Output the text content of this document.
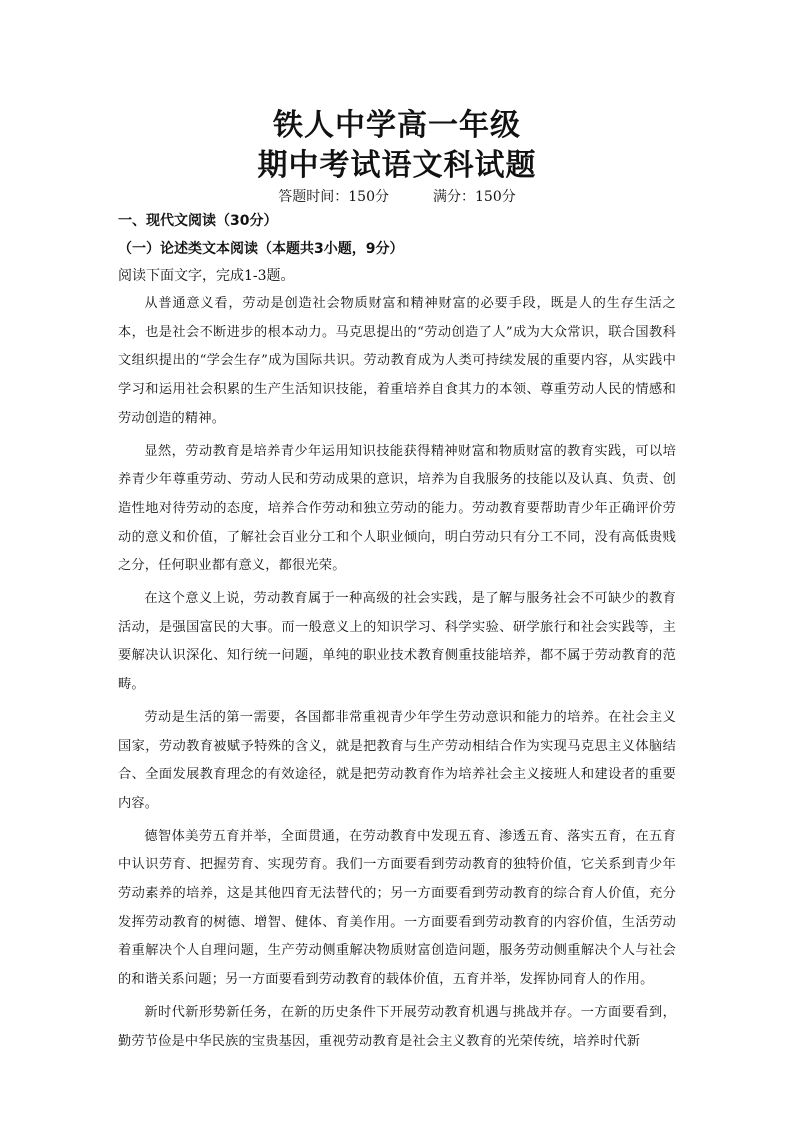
铁人中学高一年级
期中考试语文科试题
答题时间：150分	满分：150分
一、现代文阅读（30分）
（一）论述类文本阅读（本题共3小题，9分）
阅读下面文字，完成1-3题。

从普通意义看，劳动是创造社会物质财富和精神财富的必要手段，既是人的生存生活之本，也是社会不断进步的根本动力。马克思提出的“劳动创造了人”成为大众常识，联合国教科文组织提出的“学会生存”成为国际共识。劳动教育成为人类可持续发展的重要内容，从实践中学习和运用社会积累的生产生活知识技能，着重培养自食其力的本领、尊重劳动人民的情感和劳动创造的精神。

显然，劳动教育是培养青少年运用知识技能获得精神财富和物质财富的教育实践，可以培养青少年尊重劳动、劳动人民和劳动成果的意识，培养为自我服务的技能以及认真、负责、创造性地对待劳动的态度，培养合作劳动和独立劳动的能力。劳动教育要帮助青少年正确评价劳动的意义和价值，了解社会百业分工和个人职业倾向，明白劳动只有分工不同，没有高低贵贱之分，任何职业都有意义，都很光荣。

在这个意义上说，劳动教育属于一种高级的社会实践，是了解与服务社会不可缺少的教育活动，是强国富民的大事。而一般意义上的知识学习、科学实验、研学旅行和社会实践等，主要解决认识深化、知行统一问题，单纯的职业技术教育侧重技能培养，都不属于劳动教育的范畴。

劳动是生活的第一需要，各国都非常重视青少年学生劳动意识和能力的培养。在社会主义国家，劳动教育被赋予特殊的含义，就是把教育与生产劳动相结合作为实现马克思主义体脑结合、全面发展教育理念的有效途径，就是把劳动教育作为培养社会主义接班人和建设者的重要内容。

德智体美劳五育并举，全面贯通，在劳动教育中发现五育、渗透五育、落实五育，在五育中认识劳育、把握劳育、实现劳育。我们一方面要看到劳动教育的独特价值，它关系到青少年劳动素养的培养，这是其他四育无法替代的；另一方面要看到劳动教育的综合育人价值，充分发挥劳动教育的树德、增智、健体、育美作用。一方面要看到劳动教育的内容价值，生活劳动着重解决个人自理问题，生产劳动侧重解决物质财富创造问题，服务劳动侧重解决个人与社会的和谐关系问题；另一方面要看到劳动教育的载体价值，五育并举，发挥协同育人的作用。

新时代新形势新任务，在新的历史条件下开展劳动教育机遇与挑战并存。一方面要看到，勤劳节俭是中华民族的宝贵基因，重视劳动教育是社会主义教育的光荣传统，培养时代新
